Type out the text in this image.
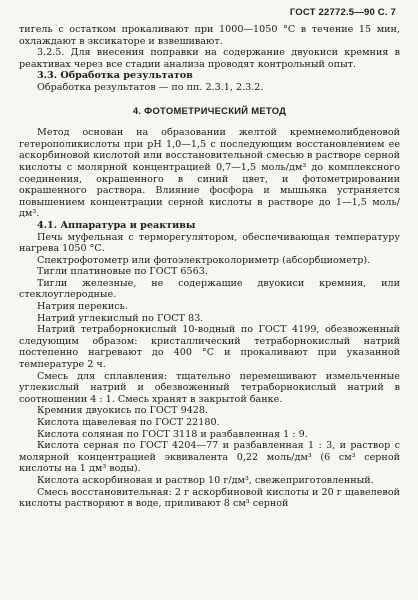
ГОСТ 22772.5—90 С. 7

тигель с остатком прокаливают при 1000—1050 °С в течение 15 мин, охлаждают в эксикаторе и взвешивают.

3.2.5. Для внесения поправки на содержание двуокиси кремния в реактивах через все стадии анализа проводят контрольный опыт.

3.3. Обработка результатов

Обработка результатов — по пп. 2.3.1, 2.3.2.

4. ФОТОМЕТРИЧЕСКИЙ МЕТОД

Метод основан на образовании желтой кремнемолибденовой гетерополикислоты при pH 1,0—1,5 с последующим восстановлением ее аскорбиновой кислотой или восстановительной смесью в растворе серной кислоты с молярной концентрацией 0,7—1,5 моль/дм³ до комплексного соединения, окрашенного в синий цвет, и фотометрировании окрашенного раствора. Влияние фосфора и мышьяка устраняется повышением концентрации серной кислоты в растворе до 1—1,5 моль/дм³.

4.1. Аппаратура и реактивы

Печь муфельная с терморегулятором, обеспечивающая температуру нагрева 1050 °С.

Спектрофотометр или фотоэлектроколориметр (абсорбциометр).

Тигли платиновые по ГОСТ 6563.

Тигли железные, не содержащие двуокиси кремния, или стеклоуглеродные.

Натрия перекись.

Натрий углекислый по ГОСТ 83.

Натрий тетраборнокислый 10-водный по ГОСТ 4199, обезвоженный следующим образом: кристаллический тетраборнокислый натрий постепенно нагревают до 400 °С и прокаливают при указанной температуре 2 ч.

Смесь для сплавления: тщательно перемешивают измельченные углекислый натрий и обезвоженный тетраборнокислый натрий в соотношении 4 : 1. Смесь хранят в закрытой банке.

Кремния двуокись по ГОСТ 9428.

Кислота щавелевая по ГОСТ 22180.

Кислота соляная по ГОСТ 3118 и разбавленная 1 : 9.

Кислота серная по ГОСТ 4204—77 и разбавленная 1 : 3, и раствор с молярной концентрацией эквивалента 0,22 моль/дм³ (6 см³ серной кислоты на 1 дм³ воды).

Кислота аскорбиновая и раствор 10 г/дм³, свежеприготовленный.

Смесь восстановительная: 2 г аскорбиновой кислоты и 20 г щавелевой кислоты растворяют в воде, приливают 8 см³ серной
